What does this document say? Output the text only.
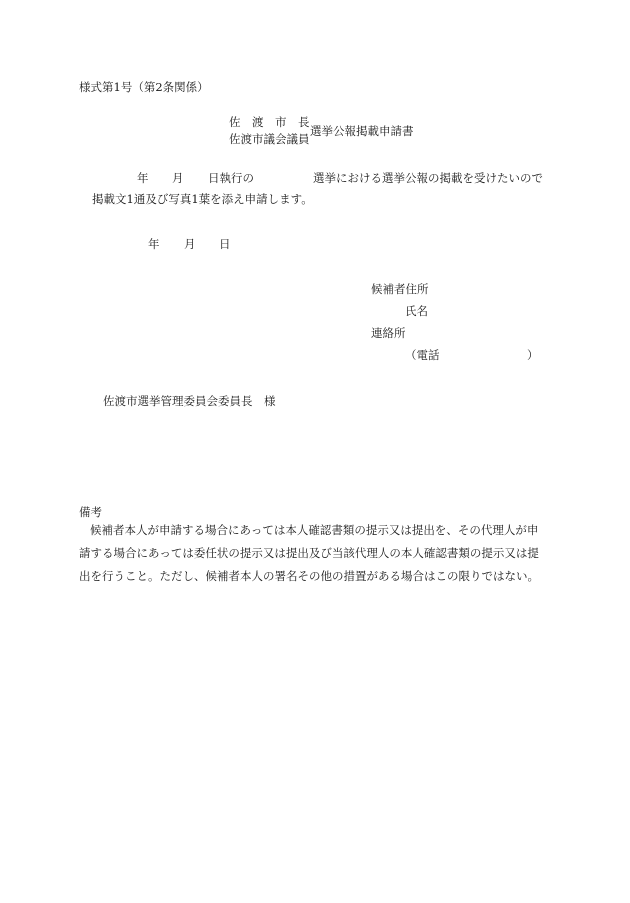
様式第1号（第2条関係）
佐　渡　市　長
佐渡市議会議員
選挙公報掲載申請書
年 月 日執行の	選挙における選挙公報の掲載を受けたいので
掲載文1通及び写真1葉を添え申請します。
年 月 日
候補者住所
氏名
連絡所
（電話	）
佐渡市選挙管理委員会委員長　様
備考
候補者本人が申請する場合にあっては本人確認書類の提示又は提出を、その代理人が申請する場合にあっては委任状の提示又は提出及び当該代理人の本人確認書類の提示又は提出を行うこと。ただし、候補者本人の署名その他の措置がある場合はこの限りではない。
